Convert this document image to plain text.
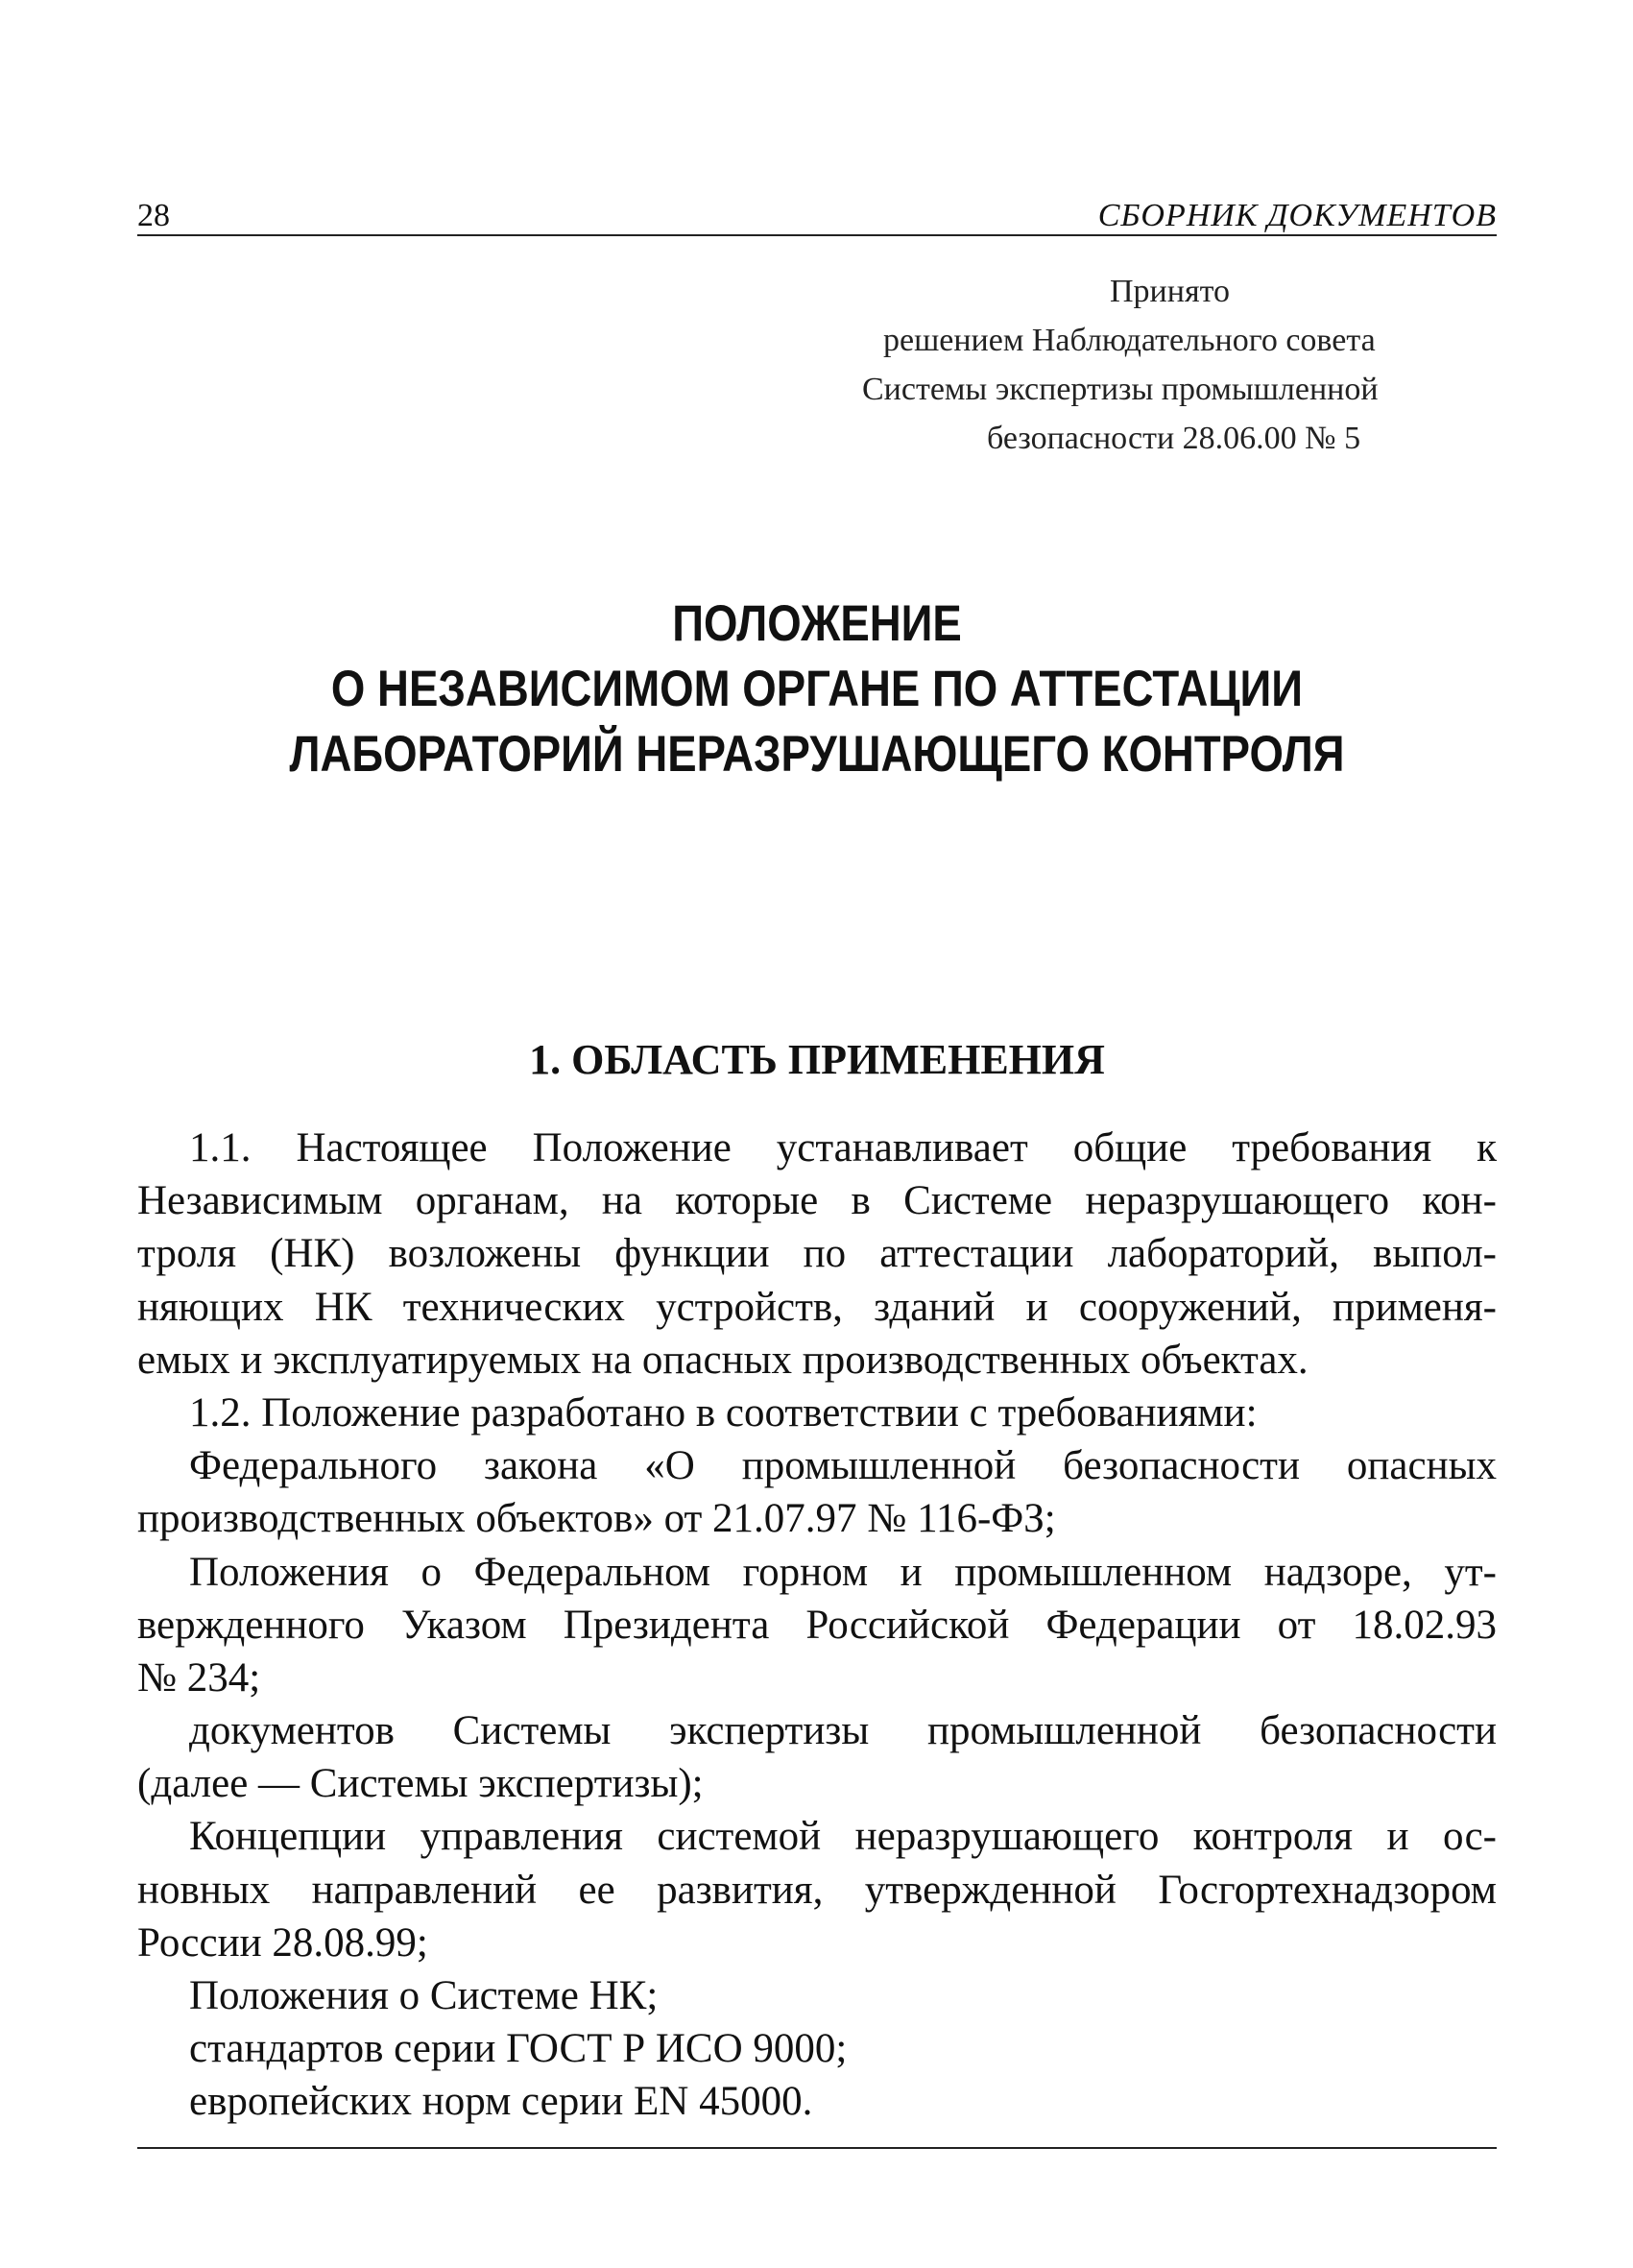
28	СБОРНИК ДОКУМЕНТОВ
Принято
решением Наблюдательного совета
Системы экспертизы промышленной
безопасности 28.06.00 № 5
ПОЛОЖЕНИЕ
О НЕЗАВИСИМОМ ОРГАНЕ ПО АТТЕСТАЦИИ
ЛАБОРАТОРИЙ НЕРАЗРУШАЮЩЕГО КОНТРОЛЯ
1. ОБЛАСТЬ ПРИМЕНЕНИЯ
1.1. Настоящее Положение устанавливает общие требования к
Независимым органам, на которые в Системе неразрушающего кон-
троля (НК) возложены функции по аттестации лабораторий, выпол-
няющих НК технических устройств, зданий и сооружений, применя-
емых и эксплуатируемых на опасных производственных объектах.
1.2. Положение разработано в соответствии с требованиями:
Федерального закона «О промышленной безопасности опасных
производственных объектов» от 21.07.97 № 116-ФЗ;
Положения о Федеральном горном и промышленном надзоре, ут-
вержденного Указом Президента Российской Федерации от 18.02.93
№ 234;
документов Системы экспертизы промышленной безопасности
(далее — Системы экспертизы);
Концепции управления системой неразрушающего контроля и ос-
новных направлений ее развития, утвержденной Госгортехнадзором
России 28.08.99;
Положения о Системе НК;
стандартов серии ГОСТ Р ИСО 9000;
европейских норм серии EN 45000.
